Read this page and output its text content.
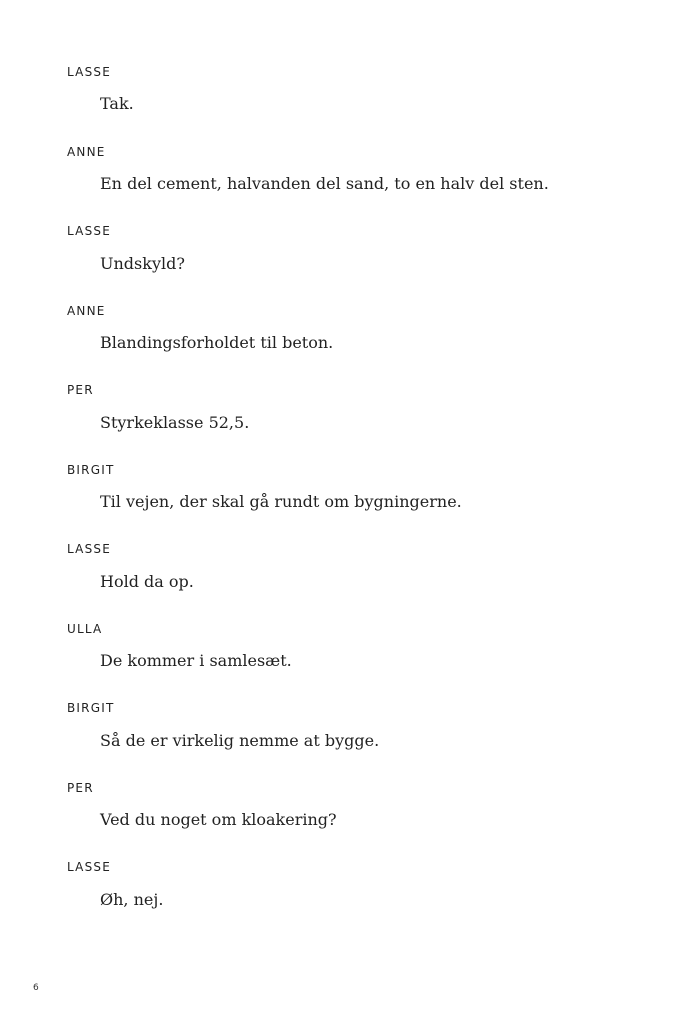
LASSE
Tak.
ANNE
En del cement, halvanden del sand, to en halv del sten.
LASSE
Undskyld?
ANNE
Blandingsforholdet til beton.
PER
Styrkeklasse 52,5.
BIRGIT
Til vejen, der skal gå rundt om bygningerne.
LASSE
Hold da op.
ULLA
De kommer i samlesæt.
BIRGIT
Så de er virkelig nemme at bygge.
PER
Ved du noget om kloakering?
LASSE
Øh, nej.
6
